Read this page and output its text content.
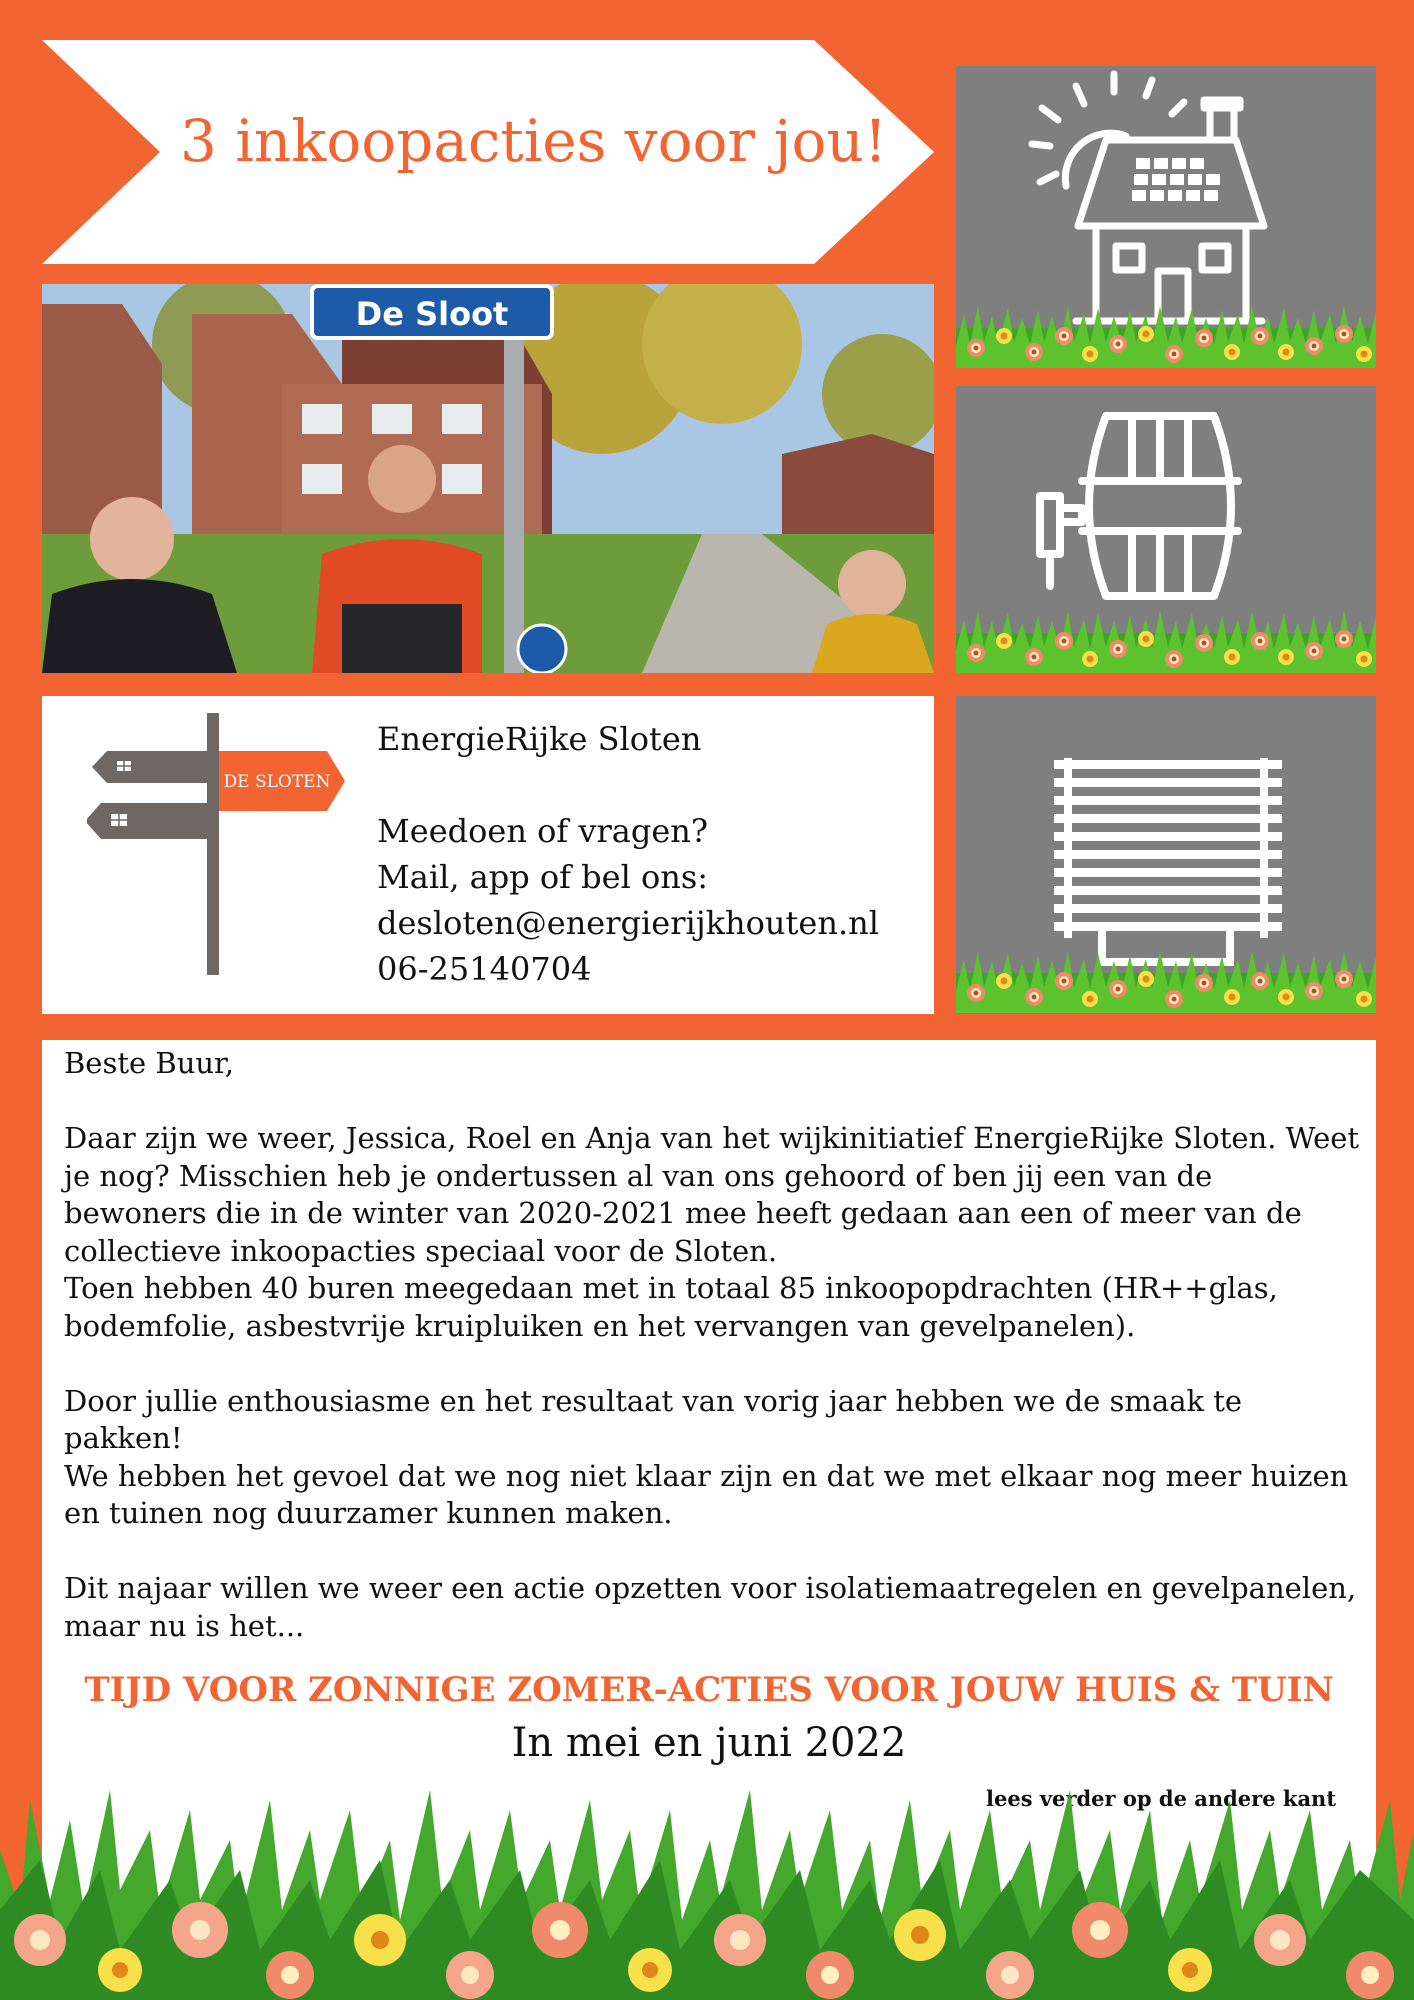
3 inkoopacties voor jou!
De Sloot
DE SLOTEN
EnergieRijke Sloten
Meedoen of vragen?
Mail, app of bel ons:
desloten@energierijkhouten.nl
06-25140704

Beste Buur,

Daar zijn we weer, Jessica, Roel en Anja van het wijkinitiatief EnergieRijke Sloten. Weet je nog? Misschien heb je ondertussen al van ons gehoord of ben jij een van de bewoners die in de winter van 2020-2021 mee heeft gedaan aan een of meer van de collectieve inkoopacties speciaal voor de Sloten.

Toen hebben 40 buren meegedaan met in totaal 85 inkoopopdrachten (HR++glas, bodemfolie, asbestvrije kruipluiken en het vervangen van gevelpanelen).

Door jullie enthousiasme en het resultaat van vorig jaar hebben we de smaak te pakken!

We hebben het gevoel dat we nog niet klaar zijn en dat we met elkaar nog meer huizen en tuinen nog duurzamer kunnen maken.

Dit najaar willen we weer een actie opzetten voor isolatiemaatregelen en gevelpanelen, maar nu is het...

TIJD VOOR ZONNIGE ZOMER-ACTIES VOOR JOUW HUIS & TUIN
In mei en juni 2022
lees verder op de andere kant
